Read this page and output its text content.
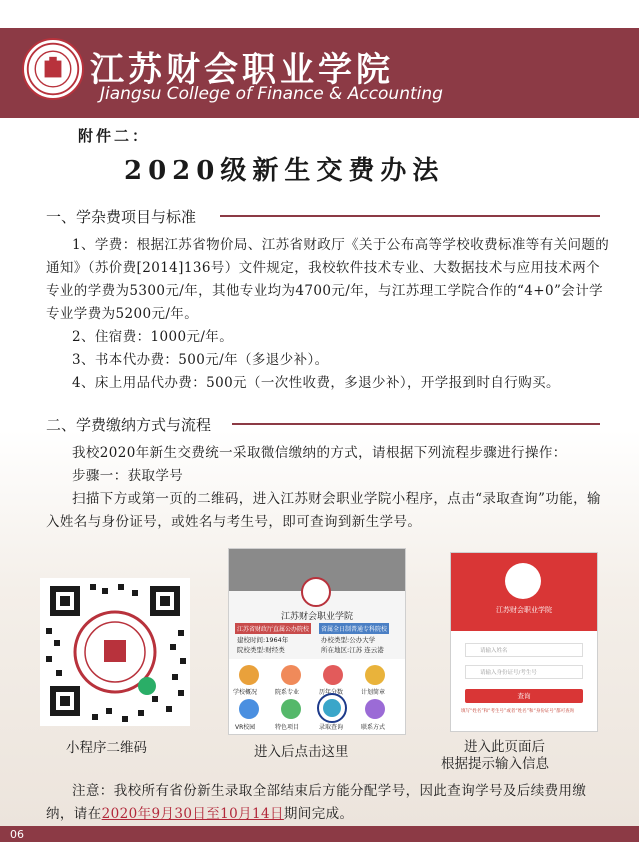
江苏财会职业学院
Jiangsu College of Finance & Accounting
附件二：
2020级新生交费办法
一、学杂费项目与标准

1、学费：根据江苏省物价局、江苏省财政厅《关于公布高等学校收费标准等有关问题的通知》（苏价费[2014]136号）文件规定，我校软件技术专业、大数据技术与应用技术两个专业的学费为5300元/年，其他专业均为4700元/年，与江苏理工学院合作的“4+0”会计学专业学费为5200元/年。

2、住宿费：1000元/年。

3、书本代办费：500元/年（多退少补）。

4、床上用品代办费：500元（一次性收费，多退少补），开学报到时自行购买。

二、学费缴纳方式与流程

我校2020年新生交费统一采取微信缴纳的方式，请根据下列流程步骤进行操作：

步骤一：获取学号

扫描下方或第一页的二维码，进入江苏财会职业学院小程序，点击“录取查询”功能，输入姓名与身份证号，或姓名与考生号，即可查询到新生学号。

小程序二维码
江苏财会职业学院
江苏省财政厅直属公办院校	省属全日制普通专科院校
建校时间:1964年
院校类型:财经类
办校类型:公办大学
所在地区:江苏 连云港
学校概况	院系专业	历年分数	计划简章
VR校园	特色项目	录取查询	联系方式
进入后点击这里
江苏财会职业学院
请输入姓名
请输入身份证号/考生号
查询
填写“姓名”和“考生号”或者“姓名”和“身份证号”都可查询
进入此页面后
根据提示输入信息

注意：我校所有省份新生录取全部结束后方能分配学号，因此查询学号及后续费用缴纳，请在2020年9月30日至10月14日期间完成。

06
